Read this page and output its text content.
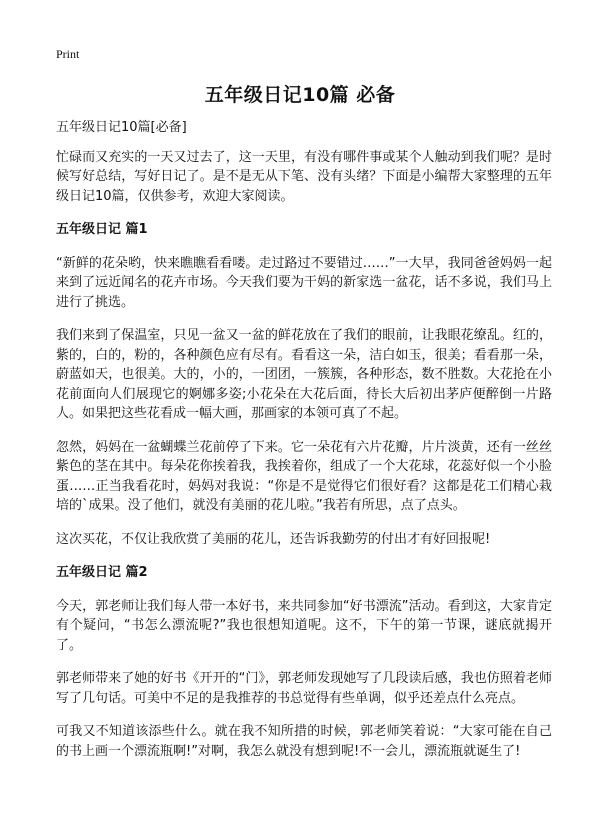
Print
五年级日记10篇 必备

五年级日记10篇[必备]

忙碌而又充实的一天又过去了，这一天里，有没有哪件事或某个人触动到我们呢？是时候写好总结，写好日记了。是不是无从下笔、没有头绪？下面是小编帮大家整理的五年级日记10篇，仅供参考，欢迎大家阅读。

五年级日记 篇1

“新鲜的花朵哟，快来瞧瞧看看喽。走过路过不要错过……”一大早，我同爸爸妈妈一起来到了远近闻名的花卉市场。今天我们要为干妈的新家选一盆花，话不多说，我们马上进行了挑选。

我们来到了保温室，只见一盆又一盆的鲜花放在了我们的眼前，让我眼花缭乱。红的，紫的，白的，粉的，各种颜色应有尽有。看看这一朵，洁白如玉，很美；看看那一朵，蔚蓝如天，也很美。大的，小的，一团团，一簇簇，各种形态，数不胜数。大花抢在小花前面向人们展现它的婀娜多姿;小花朵在大花后面，待长大后初出茅庐便醉倒一片路人。如果把这些花看成一幅大画，那画家的本领可真了不起。

忽然，妈妈在一盆蝴蝶兰花前停了下来。它一朵花有六片花瓣，片片淡黄，还有一丝丝紫色的茎在其中。每朵花你挨着我，我挨着你，组成了一个大花球，花蕊好似一个小脸蛋……正当我看花时，妈妈对我说：“你是不是觉得它们很好看？这都是花工们精心栽培的`成果。没了他们，就没有美丽的花儿啦。”我若有所思，点了点头。

这次买花，不仅让我欣赏了美丽的花儿，还告诉我勤劳的付出才有好回报呢!

五年级日记 篇2

今天，郭老师让我们每人带一本好书，来共同参加“好书漂流”活动。看到这，大家肯定有个疑问，“书怎么漂流呢?”我也很想知道呢。这不，下午的第一节课，谜底就揭开了。

郭老师带来了她的好书《开开的“门》，郭老师发现她写了几段读后感，我也仿照着老师写了几句话。可美中不足的是我推荐的书总觉得有些单调，似乎还差点什么亮点。

可我又不知道该添些什么。就在我不知所措的时候，郭老师笑着说：“大家可能在自己的书上画一个漂流瓶啊!”对啊，我怎么就没有想到呢!不一会儿，漂流瓶就诞生了!
